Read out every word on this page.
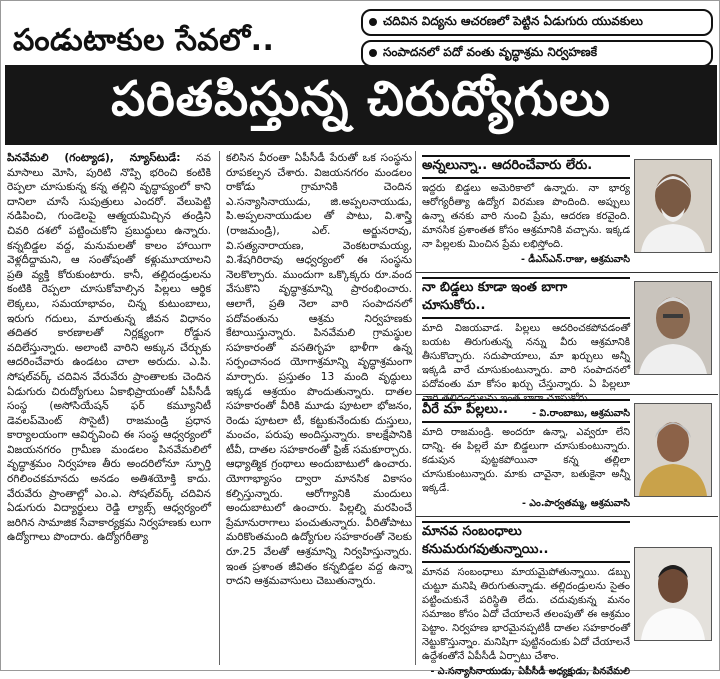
పండుటాకుల సేవలో..
చదివిన విద్యను ఆచరణలో పెట్టిన ఏడుగురు యువకులు
సంపాదనలో పదో వంతు వృద్ధాశ్రమ నిర్వహణకే
పరితపిస్తున్న చిరుద్యోగులు
పినవేమలి (గంట్యాడ), న్యూస్‌టుడే: నవ మాసాలు మోసి, పురిటి నొప్పి భరించి కంటికి రెప్పలా చూసుకున్న కన్న తల్లిని వృద్ధాప్యంలో కాని దానిలా చూసే సుపుత్రులు ఎందరో. వేలుపెట్టి నడిపించి, గుండెలపై ఆత్మయమిచ్చిన తండ్రిని చివరి దశలో పట్టించుకోని ప్రబుద్ధులు ఉన్నారు. కన్నబిడ్డల వద్ద, మనుమలతో కాలం హాయిగా వెళ్లదీద్దామని, ఆ సంతోషంతో కళ్లుమూయాలని ప్రతి వ్యక్తి కోరుకుంటారు. కానీ, తల్లిదండ్రులను కంటికి రెప్పలా చూసుకోవాల్సిన పిల్లలు ఆర్థిక లెక్కలు, సమయాభావం, చిన్న కుటుంబాలు, ఇరుగు గదులు, మారుతున్న జీవన విధానం తదితర కారణాలతో నిర్లక్ష్యంగా రోడ్డున వదిలేస్తున్నారు. అలాంటి వారిని అక్కున చేర్చుకు ఆదరించేవారు ఉండటం చాలా అరుదు. ఎ.పి. సోషల్‌వర్క్ చదివిన వేరువేరు ప్రాంతాలకు చెందిన ఏడుగురు చిరుద్యోగులు ఏకాభిప్రాయంతో ఏపీసీడీ సంస్థ (అసోసియేషన్ ఫర్ కమ్యూనిటీ డెవలప్‌మెంట్ సొసైటీ) రాజమండ్రి ప్రధాన కార్యాలయంగా ఆవిర్భవించి ఈ సంస్థ ఆధ్వర్యంలో విజయనగరం గ్రామీణ మండలం పినవేమలిలో వృద్ధాశ్రమం నిర్వహణ తీరు అందరిలోనూ స్ఫూర్తి రగిలించకమానదు అనడం అతిశయోక్తి కాదు. వేరువేరు ప్రాంతాల్లో ఎం.ఎ. సోషల్‌వర్క్ చదివిన ఏడుగురు విద్యార్థులు రెడ్డి ల్యాబ్స్ ఆధ్వర్యంలో జరిగిన సామాజిక సేవాకార్యక్రమ నిర్వహణకు లుగా ఉద్యోగాలు పొందారు. ఉద్యోగరీత్యా
కలిసిన వీరంతా ఏపీసీడీ పేరుతో ఒక సంస్థను రూపకల్పన చేశారు. విజయనగరం మండలం రాకోడు గ్రామానికి చెందిన ఎ.సన్యాసినాయుడు, జి.అప్పలనాయుడు, పి.అప్పలనాయుడుల తో పాటు, వి.శాస్త్రి (రాజమండ్రి), ఎల్. అర్జునరావు, వి.సత్యనారాయణ, వెంకటరామయ్య, వి.శేషగిరిరావు ఆధ్వర్యంలో ఈ సంస్థను నెలకొల్పారు. ముందుగా ఒక్కొక్కరు రూ.వంద వేసుకొని వృద్ధాశ్రమాన్ని ప్రారంభించారు. ఆలాగే, ప్రతి నెలా వారి సంపాదనలో పదోవంతును ఆశ్రమ నిర్వహణకు కేటాయిస్తున్నారు. పినవేమలి గ్రామస్థుల సహకారంతో వసతిగృహ భాళీగా ఉన్న సర్పంచానంద యోగాశ్రమాన్ని వృద్ధాశ్రమంగా మార్చారు. ప్రస్తుతం 13 మంది వృద్ధులు ఇక్కడ ఆశ్రయం పొందుతున్నారు. దాతల సహకారంతో వీరికి మూడు పూటలా భోజనం, రెండు పూటలా టీ, కట్టుకునేందుకు దుస్తులు, మంచం, పరుపు అందిస్తున్నారు. కాలక్షేపానికి టీవీ, దాతల సహకారంతో ఫ్రిజ్ సమకూర్చారు. ఆధ్యాత్మిక గ్రంథాలు అందుబాటులో ఉంచారు. యోగాభ్యాసం ద్వారా మానసిక వికాసం కల్పిస్తున్నారు. ఆరోగ్యానికి మందులు అందుబాటులో ఉంచారు. పిల్లల్ని మరపించే ప్రేమానురాగాలు పంచుతున్నారు. వీరితోపాటు మరికొంతమంది ఉద్యోగుల సహకారంతో నెలకు రూ.25 వేలతో ఆశ్రమాన్ని నిర్వహిస్తున్నారు. ఇంత ప్రశాంత జీవితం కన్నబిడ్డల వద్ద ఉన్నా రాదని ఆశ్రమవాసులు చెబుతున్నారు.
అన్నలున్నా.. ఆదరించేవారు లేరు.
ఇద్దరు బిడ్డలు అమెరికాలో ఉన్నారు. నా భార్య ఆరోగ్యరీత్యా ఉద్యోగ విరమణ పొందింది. అప్పులు ఉన్నా తనకు వారి నుంచి ప్రేమ, ఆదరణ కరవైంది. మానసిక ప్రశాంతత కోసం ఆశ్రమానికి వచ్చాను. ఇక్కడ నా పిల్లలకు మించిన ప్రేమ లభిస్తోంది.
- డీఎస్‌ఎన్.రాజు, ఆశ్రమవాసి
నా బిడ్డలు కూడా ఇంత బాగా చూసుకోరు..
మాది విజయవాడ. పిల్లలు ఆదరించకపోవడంతో బయట తిరుగుతున్న నన్ను వీరు ఆశ్రమానికి తీసుకొచ్చారు. సదుపాయాలు, మా ఖర్చులు అన్నీ ఇక్కడి వారే చూసుకుంటున్నారు. వారి సంపాదనలో పదోవంతు మా కోసం ఖర్చు చేస్తున్నారు. ఏ పిల్లలూ వారి తల్లిదండ్రులను ఇంత బాగా చూసుకోరు.
- వి.రాంబాబు, ఆశ్రమవాసి
వీరే మా పిల్లలు..
మాది రాజమండ్రి. అందరూ ఉన్నా, ఎవ్వరూ లేని దాన్ని. ఈ పిల్లలే మా బిడ్డలుగా చూసుకుంటున్నారు. కడుపున పుట్టకపోయినా కన్న తల్లిలా చూసుకుంటున్నారు. మాకు చావైనా, బతుకైనా అన్నీ ఇక్కడే.
- ఎం.పార్వతమ్మ, ఆశ్రమవాసి
మానవ సంబంధాలు కనుమరుగవుతున్నాయి..
మానవ సంబంధాలు మాయమైపోతున్నాయి. డబ్బు చుట్టూ మనిషి తిరుగుతున్నాడు. తల్లిదండ్రులను సైతం పట్టించుకునే పరిస్థితి లేదు. చదువుకున్న మనం సమాజం కోసం ఏదో చేయాలనే తలంపుతో ఈ ఆశ్రమం పెట్టాం. నిర్వహణ భారమైనప్పటికీ దాతల సహకారంతో నెట్టుకొస్తున్నాం. మనిషిగా పుట్టినందుకు ఏదో చేయాలనే ఉద్దేశంతోనే ఏపీసీడీ ఏర్పాటు చేశాం.
- ఎ.సన్యాసినాయుడు, ఏపీసీడీ అధ్యక్షుడు, పినవేమలి
